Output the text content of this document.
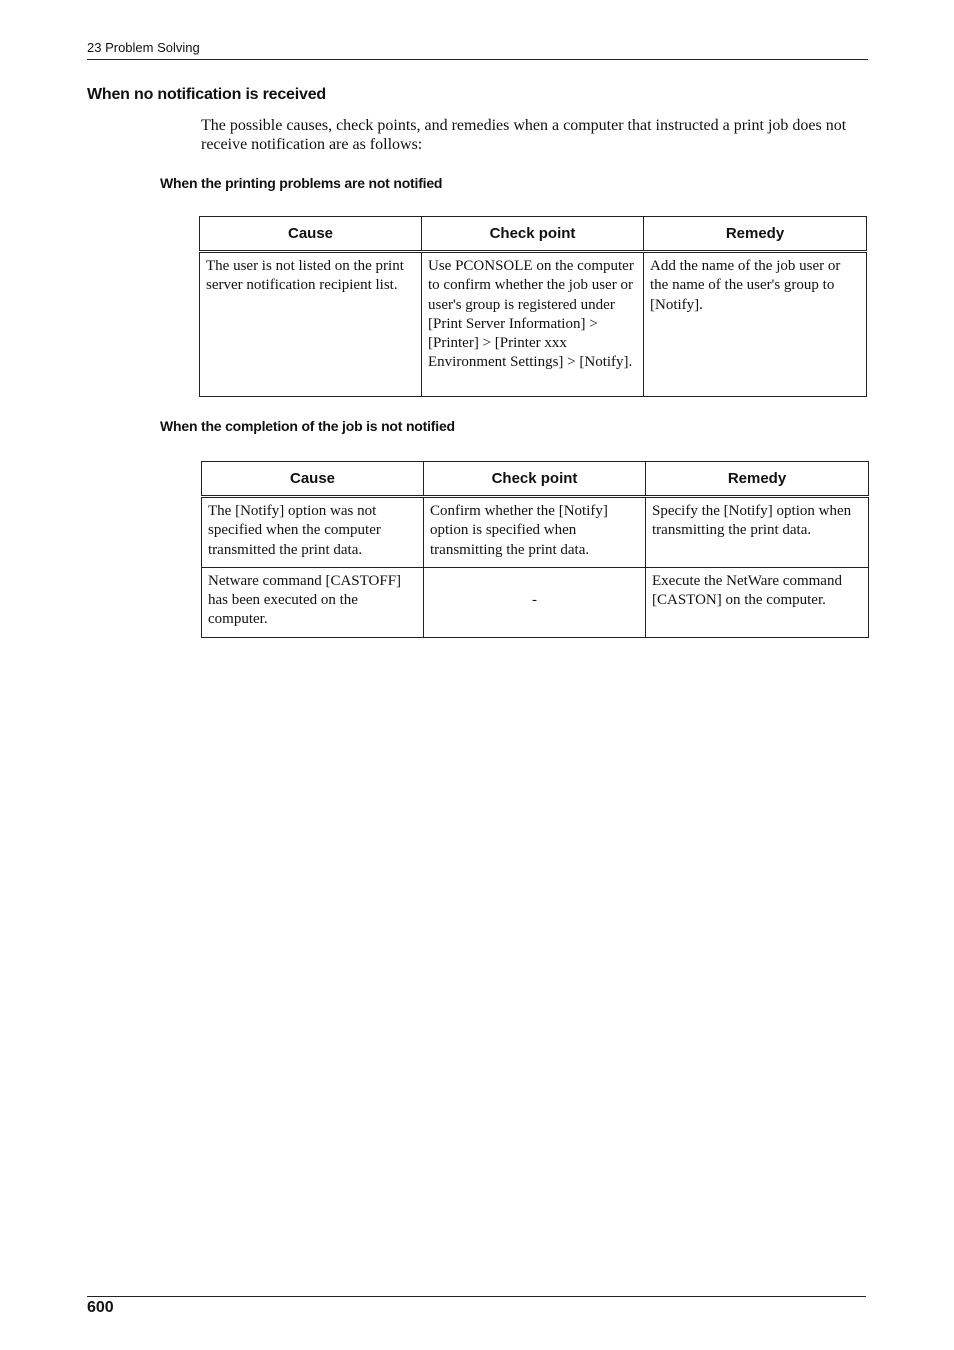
23 Problem Solving
When no notification is received
The possible causes, check points, and remedies when a computer that instructed a print job does not receive notification are as follows:
When the printing problems are not notified
Cause	Check point	Remedy
The user is not listed on the print server notification recipient list.	Use PCONSOLE on the computer to confirm whether the job user or user's group is registered under [Print Server Information] > [Printer] > [Printer xxx Environment Settings] > [Notify].	Add the name of the job user or the name of the user's group to [Notify].
When the completion of the job is not notified
Cause	Check point	Remedy
The [Notify] option was not specified when the computer transmitted the print data.	Confirm whether the [Notify] option is specified when transmitting the print data.	Specify the [Notify] option when transmitting the print data.
Netware command [CASTOFF] has been executed on the computer.	-	Execute the NetWare command [CASTON] on the computer.
600
